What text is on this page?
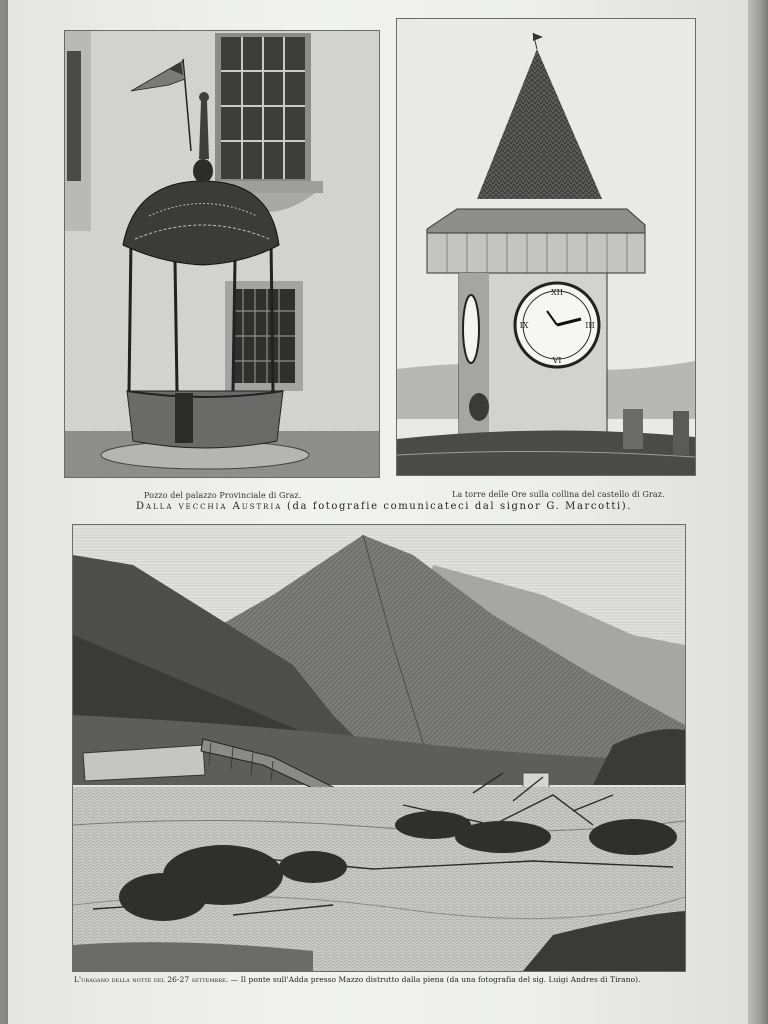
XII
VI
IX	III
Pozzo del palazzo Provinciale di Graz.	La torre delle Ore sulla collina del castello di Graz.
Dalla vecchia Austria (da fotografie comunicateci dal signor G. Marcotti).
L'uragano della notte del 26-27 settembre. — Il ponte sull'Adda presso Mazzo distrutto dalla piena (da una fotografia del sig. Luigi Andres di Tirano).
